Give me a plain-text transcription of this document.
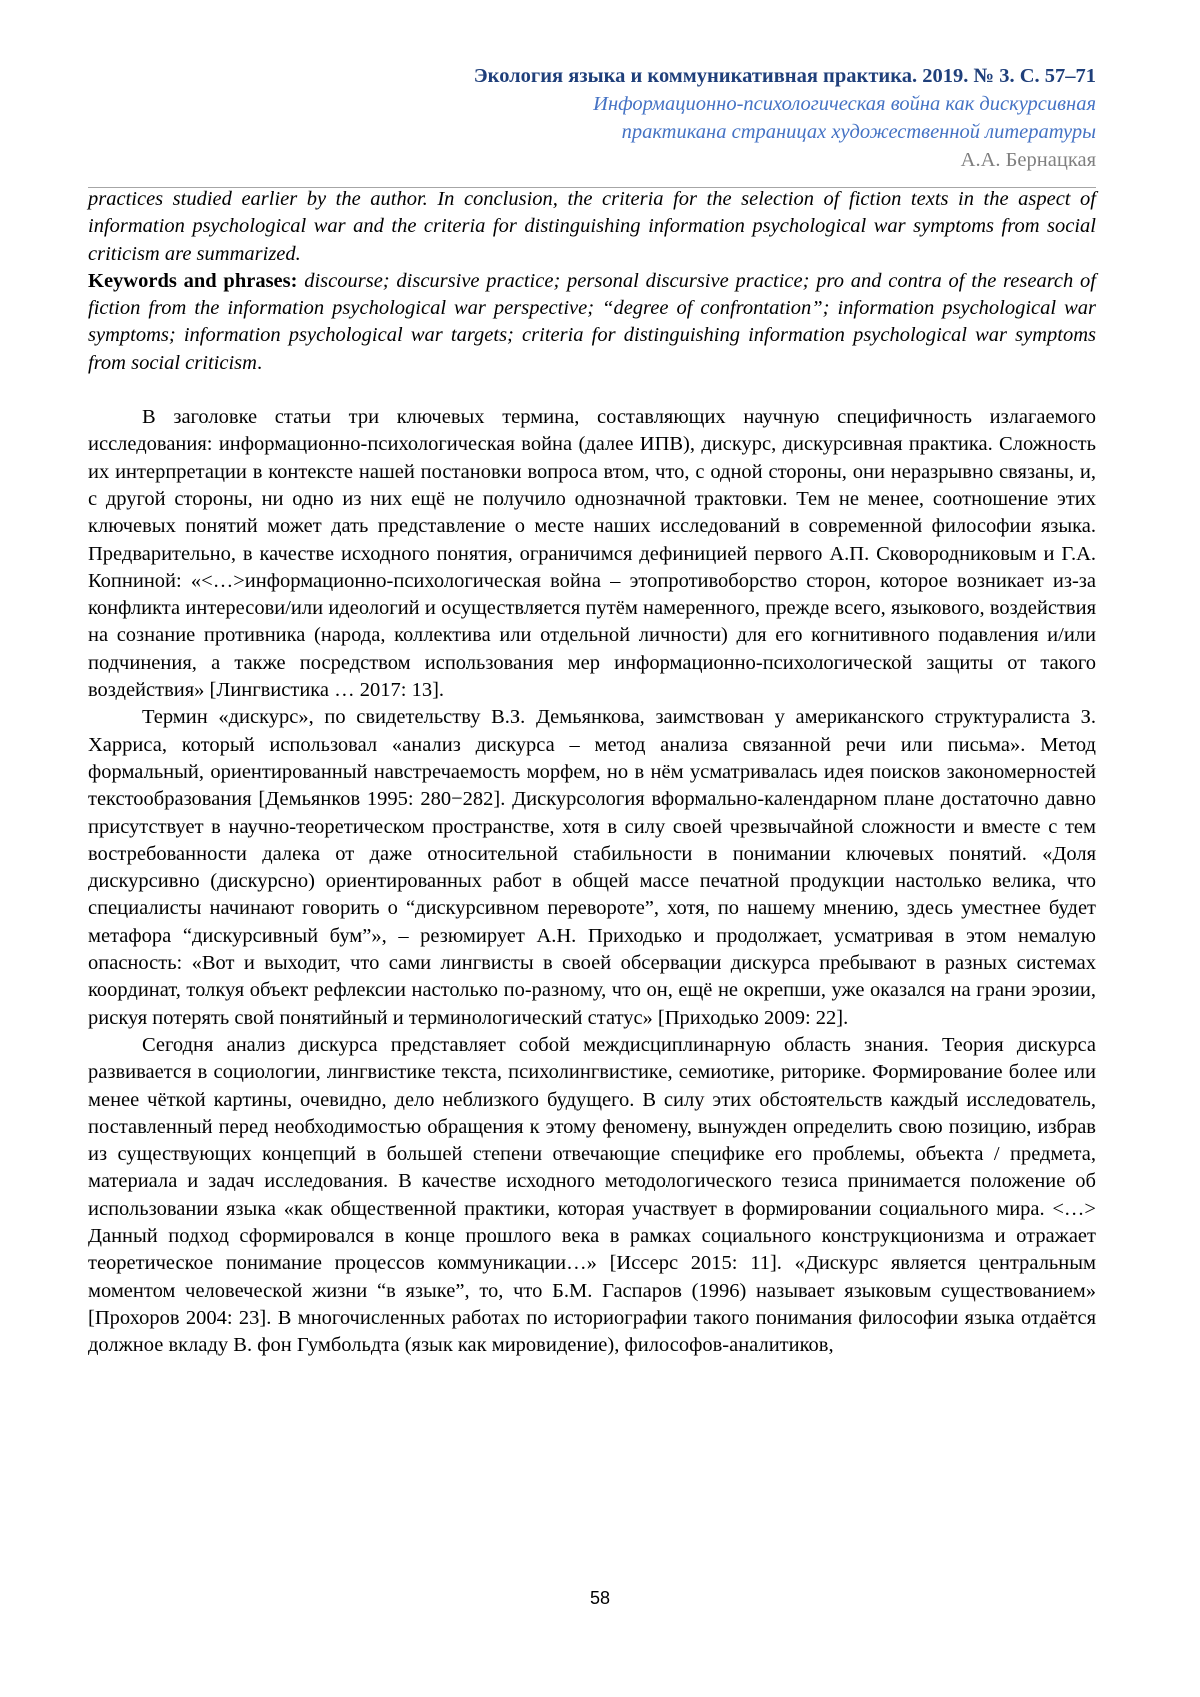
Экология языка и коммуникативная практика. 2019. № 3. С. 57–71
Информационно-психологическая война как дискурсивная
практикана страницах художественной литературы
А.А. Бернацкая

practices studied earlier by the author. In conclusion, the criteria for the selection of fiction texts in the aspect of information psychological war and the criteria for distinguishing information psychological war symptoms from social criticism are summarized.

Keywords and phrases: discourse; discursive practice; personal discursive practice; pro and contra of the research of fiction from the information psychological war perspective; “degree of confrontation”; information psychological war symptoms; information psychological war targets; criteria for distinguishing information psychological war symptoms from social criticism.

В заголовке статьи три ключевых термина, составляющих научную специфичность излагаемого исследования: информационно-психологическая война (далее ИПВ), дискурс, дискурсивная практика. Сложность их интерпретации в контексте нашей постановки вопроса втом, что, с одной стороны, они неразрывно связаны, и, с другой стороны, ни одно из них ещё не получило однозначной трактовки. Тем не менее, соотношение этих ключевых понятий может дать представление о месте наших исследований в современной философии языка. Предварительно, в качестве исходного понятия, ограничимся дефиницией первого А.П. Сковородниковым и Г.А. Копниной: «<…>информационно-психологическая война – этопротивоборство сторон, которое возникает из-за конфликта интересови/или идеологий и осуществляется путём намеренного, прежде всего, языкового, воздействия на сознание противника (народа, коллектива или отдельной личности) для его когнитивного подавления и/или подчинения, а также посредством использования мер информационно-психологической защиты от такого воздействия» [Лингвистика … 2017: 13].

Термин «дискурс», по свидетельству В.З. Демьянкова, заимствован у американского структуралиста З. Харриса, который использовал «анализ дискурса – метод анализа связанной речи или письма». Метод формальный, ориентированный навстречаемость морфем, но в нём усматривалась идея поисков закономерностей текстообразования [Демьянков 1995: 280−282]. Дискурсология вформально-календарном плане достаточно давно присутствует в научно-теоретическом пространстве, хотя в силу своей чрезвычайной сложности и вместе с тем востребованности далека от даже относительной стабильности в понимании ключевых понятий. «Доля дискурсивно (дискурсно) ориентированных работ в общей массе печатной продукции настолько велика, что специалисты начинают говорить о “дискурсивном перевороте”, хотя, по нашему мнению, здесь уместнее будет метафора “дискурсивный бум”», – резюмирует А.Н. Приходько и продолжает, усматривая в этом немалую опасность: «Вот и выходит, что сами лингвисты в своей обсервации дискурса пребывают в разных системах координат, толкуя объект рефлексии настолько по-разному, что он, ещё не окрепши, уже оказался на грани эрозии, рискуя потерять свой понятийный и терминологический статус» [Приходько 2009: 22].

Сегодня анализ дискурса представляет собой междисциплинарную область знания. Теория дискурса развивается в социологии, лингвистике текста, психолингвистике, семиотике, риторике. Формирование более или менее чёткой картины, очевидно, дело неблизкого будущего. В силу этих обстоятельств каждый исследователь, поставленный перед необходимостью обращения к этому феномену, вынужден определить свою позицию, избрав из существующих концепций в большей степени отвечающие специфике его проблемы, объекта / предмета, материала и задач исследования. В качестве исходного методологического тезиса принимается положение об использовании языка «как общественной практики, которая участвует в формировании социального мира. <…> Данный подход сформировался в конце прошлого века в рамках социального конструкционизма и отражает теоретическое понимание процессов коммуникации…» [Иссерс 2015: 11]. «Дискурс является центральным моментом человеческой жизни “в языке”, то, что Б.М. Гаспаров (1996) называет языковым существованием» [Прохоров 2004: 23]. В многочисленных работах по историографии такого понимания философии языка отдаётся должное вкладу В. фон Гумбольдта (язык как мировидение), философов-аналитиков,

58
